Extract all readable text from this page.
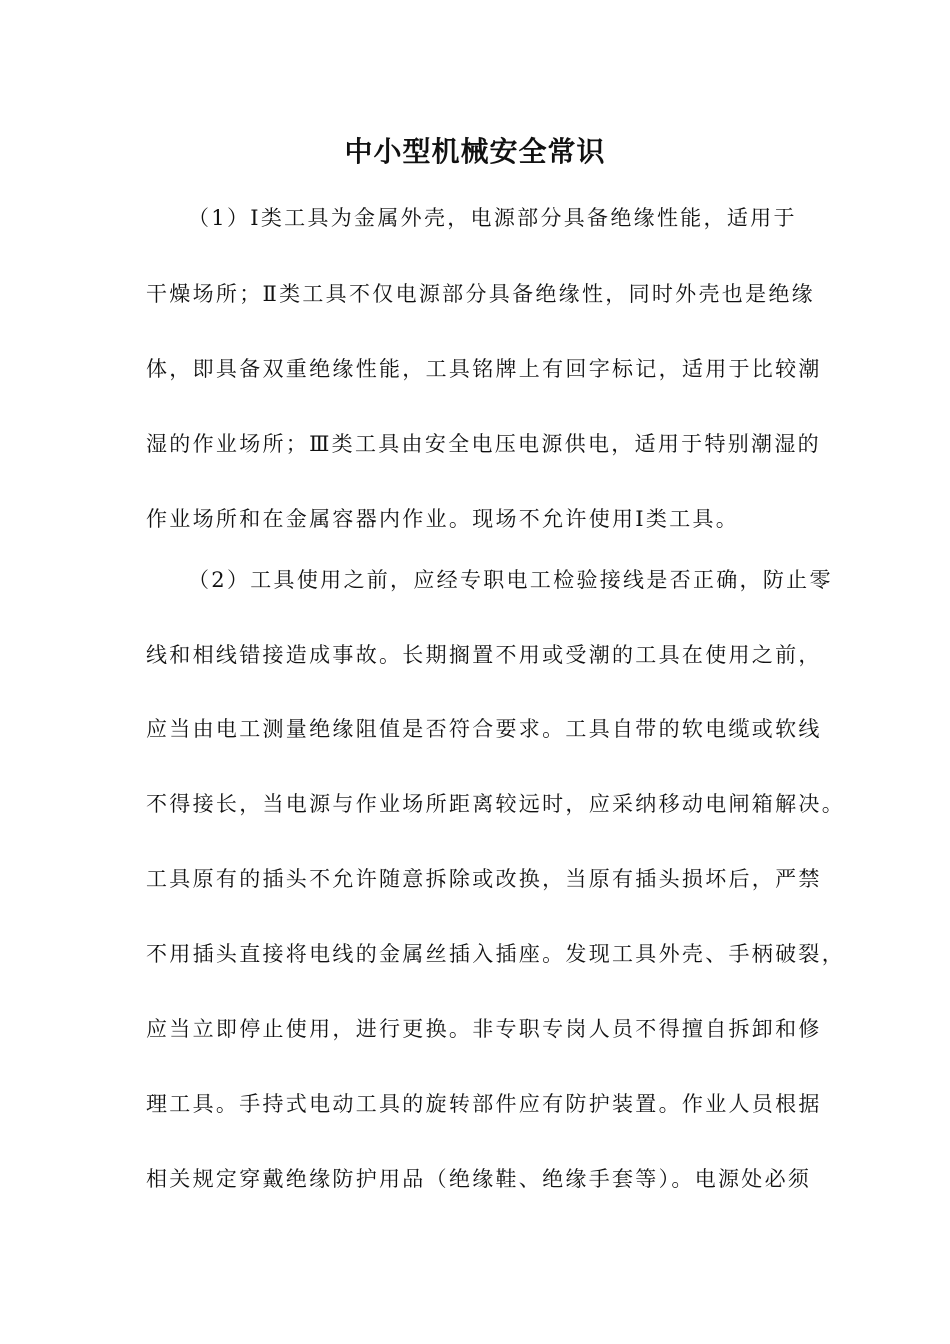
中小型机械安全常识
（1）Ⅰ类工具为金属外壳，电源部分具备绝缘性能，适用于
干燥场所；Ⅱ类工具不仅电源部分具备绝缘性，同时外壳也是绝缘
体，即具备双重绝缘性能，工具铭牌上有回字标记，适用于比较潮
湿的作业场所；Ⅲ类工具由安全电压电源供电，适用于特别潮湿的
作业场所和在金属容器内作业。现场不允许使用Ⅰ类工具。
（2）工具使用之前，应经专职电工检验接线是否正确，防止零
线和相线错接造成事故。长期搁置不用或受潮的工具在使用之前，
应当由电工测量绝缘阻值是否符合要求。工具自带的软电缆或软线
不得接长，当电源与作业场所距离较远时，应采纳移动电闸箱解决。
工具原有的插头不允许随意拆除或改换，当原有插头损坏后，严禁
不用插头直接将电线的金属丝插入插座。发现工具外壳、手柄破裂，
应当立即停止使用，进行更换。非专职专岗人员不得擅自拆卸和修
理工具。手持式电动工具的旋转部件应有防护装置。作业人员根据
相关规定穿戴绝缘防护用品（绝缘鞋、绝缘手套等）。电源处必须
